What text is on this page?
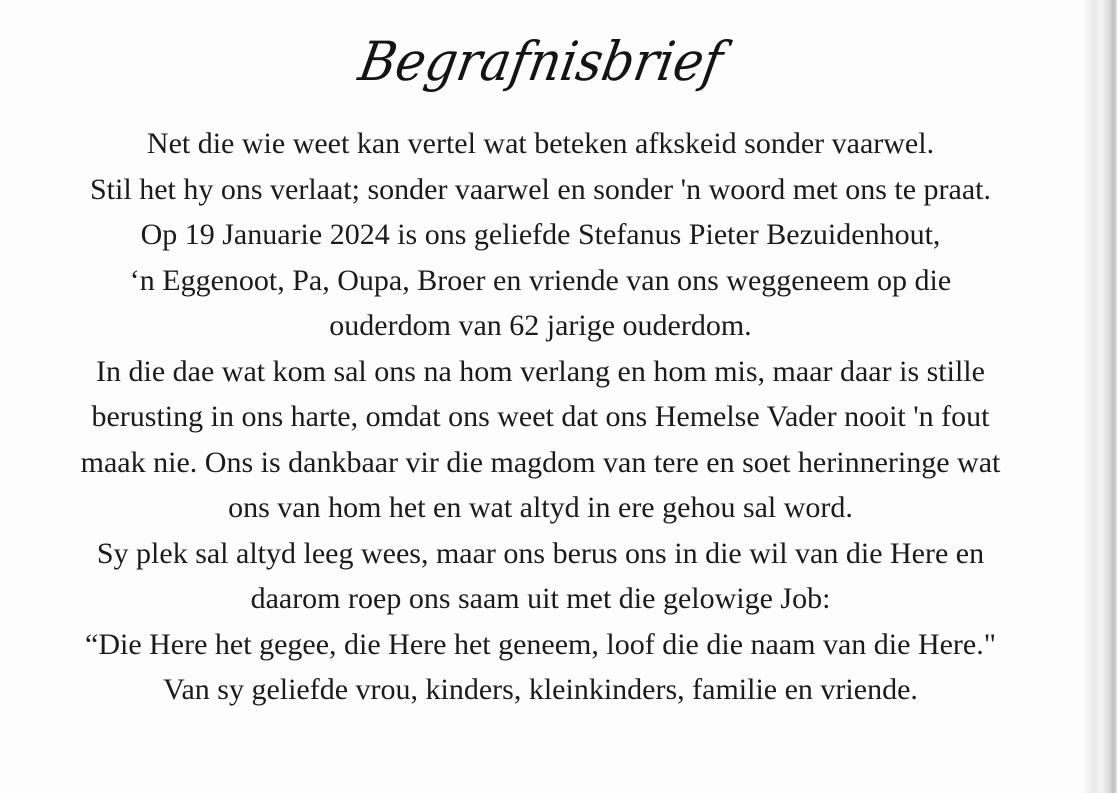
Begrafnisbrief
Net die wie weet kan vertel wat beteken afkskeid sonder vaarwel.
Stil het hy ons verlaat; sonder vaarwel en sonder 'n woord met ons te praat.
Op 19 Januarie 2024 is ons geliefde Stefanus Pieter Bezuidenhout,
‘n Eggenoot, Pa, Oupa, Broer en vriende van ons weggeneem op die
ouderdom van 62 jarige ouderdom.
In die dae wat kom sal ons na hom verlang en hom mis, maar daar is stille
berusting in ons harte, omdat ons weet dat ons Hemelse Vader nooit 'n fout
maak nie. Ons is dankbaar vir die magdom van tere en soet herinneringe wat
ons van hom het en wat altyd in ere gehou sal word.
Sy plek sal altyd leeg wees, maar ons berus ons in die wil van die Here en
daarom roep ons saam uit met die gelowige Job:
“Die Here het gegee, die Here het geneem, loof die die naam van die Here."
Van sy geliefde vrou, kinders, kleinkinders, familie en vriende.
